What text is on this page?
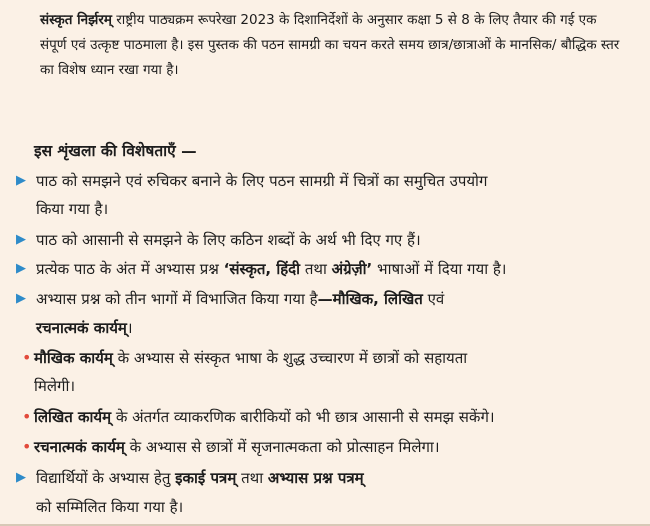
संस्कृत निर्झरम् राष्ट्रीय पाठ्यक्रम रूपरेखा 2023 के दिशानिर्देशों के अनुसार कक्षा 5 से 8 के लिए तैयार की गई एक संपूर्ण एवं उत्कृष्ट पाठमाला है। इस पुस्तक की पठन सामग्री का चयन करते समय छात्र/छात्राओं के मानसिक/ बौद्धिक स्तर का विशेष ध्यान रखा गया है।
इस शृंखला की विशेषताएँ —
▶ पाठ को समझने एवं रुचिकर बनाने के लिए पठन सामग्री में चित्रों का समुचित उपयोग
किया गया है।
▶ पाठ को आसानी से समझने के लिए कठिन शब्दों के अर्थ भी दिए गए हैं।
▶ प्रत्येक पाठ के अंत में अभ्यास प्रश्न ‘संस्कृत, हिंदी तथा अंग्रेज़ी’ भाषाओं में दिया गया है।
▶ अभ्यास प्रश्न को तीन भागों में विभाजित किया गया है—मौखिक, लिखित एवं
रचनात्मकं कार्यम्।
• मौखिक कार्यम् के अभ्यास से संस्कृत भाषा के शुद्ध उच्चारण में छात्रों को सहायता
मिलेगी।
• लिखित कार्यम् के अंतर्गत व्याकरणिक बारीकियों को भी छात्र आसानी से समझ सकेंगे।
• रचनात्मकं कार्यम् के अभ्यास से छात्रों में सृजनात्मकता को प्रोत्साहन मिलेगा।
▶ विद्यार्थियों के अभ्यास हेतु इकाई पत्रम् तथा अभ्यास प्रश्न पत्रम्
को सम्मिलित किया गया है।
